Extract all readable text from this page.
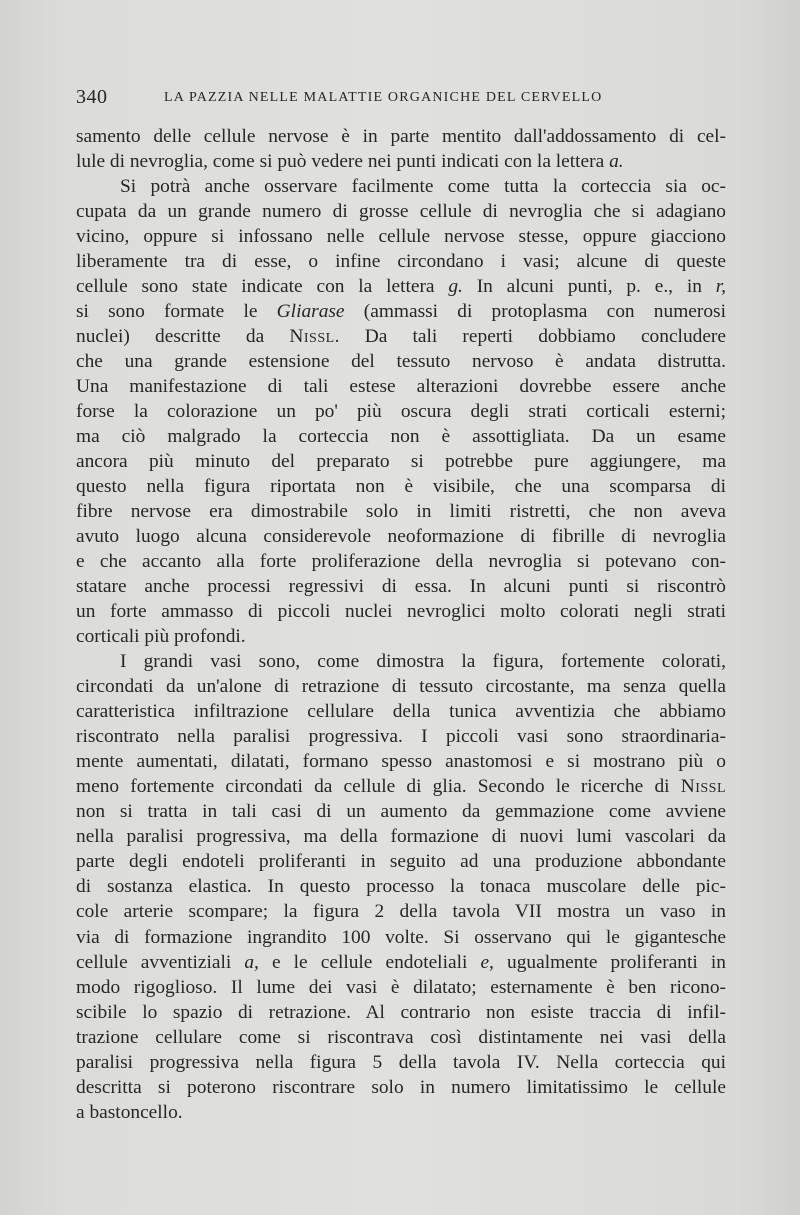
340	LA PAZZIA NELLE MALATTIE ORGANICHE DEL CERVELLO

samento delle cellule nervose è in parte mentito dall'addossamento di cel-

lule di nevroglia, come si può vedere nei punti indicati con la lettera a.

Si potrà anche osservare facilmente come tutta la corteccia sia oc-

cupata da un grande numero di grosse cellule di nevroglia che si adagiano

vicino, oppure si infossano nelle cellule nervose stesse, oppure giacciono

liberamente tra di esse, o infine circondano i vasi; alcune di queste

cellule sono state indicate con la lettera g. In alcuni punti, p. e., in r,

si sono formate le Gliarase (ammassi di protoplasma con numerosi

nuclei) descritte da Nissl. Da tali reperti dobbiamo concludere

che una grande estensione del tessuto nervoso è andata distrutta.

Una manifestazione di tali estese alterazioni dovrebbe essere anche

forse la colorazione un po' più oscura degli strati corticali esterni;

ma ciò malgrado la corteccia non è assottigliata. Da un esame

ancora più minuto del preparato si potrebbe pure aggiungere, ma

questo nella figura riportata non è visibile, che una scomparsa di

fibre nervose era dimostrabile solo in limiti ristretti, che non aveva

avuto luogo alcuna considerevole neoformazione di fibrille di nevroglia

e che accanto alla forte proliferazione della nevroglia si potevano con-

statare anche processi regressivi di essa. In alcuni punti si riscontrò

un forte ammasso di piccoli nuclei nevroglici molto colorati negli strati

corticali più profondi.

I grandi vasi sono, come dimostra la figura, fortemente colorati,

circondati da un'alone di retrazione di tessuto circostante, ma senza quella

caratteristica infiltrazione cellulare della tunica avventizia che abbiamo

riscontrato nella paralisi progressiva. I piccoli vasi sono straordinaria-

mente aumentati, dilatati, formano spesso anastomosi e si mostrano più o

meno fortemente circondati da cellule di glia. Secondo le ricerche di Nissl

non si tratta in tali casi di un aumento da gemmazione come avviene

nella paralisi progressiva, ma della formazione di nuovi lumi vascolari da

parte degli endoteli proliferanti in seguito ad una produzione abbondante

di sostanza elastica. In questo processo la tonaca muscolare delle pic-

cole arterie scompare; la figura 2 della tavola VII mostra un vaso in

via di formazione ingrandito 100 volte. Si osservano qui le gigantesche

cellule avventiziali a, e le cellule endoteliali e, ugualmente proliferanti in

modo rigoglioso. Il lume dei vasi è dilatato; esternamente è ben ricono-

scibile lo spazio di retrazione. Al contrario non esiste traccia di infil-

trazione cellulare come si riscontrava così distintamente nei vasi della

paralisi progressiva nella figura 5 della tavola IV. Nella corteccia qui

descritta si poterono riscontrare solo in numero limitatissimo le cellule

a bastoncello.
